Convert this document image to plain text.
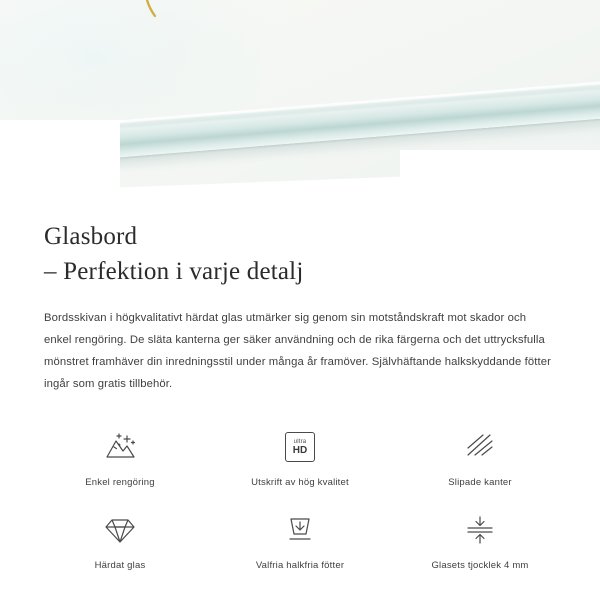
Glasbord
– Perfektion i varje detalj

Bordsskivan i högkvalitativt härdat glas utmärker sig genom sin motståndskraft mot skador och enkel rengöring. De släta kanterna ger säker användning och de rika färgerna och det uttrycksfulla mönstret framhäver din inredningsstil under många år framöver. Självhäftande halkskyddande fötter ingår som gratis tillbehör.

Enkel rengöring
ultra
HD
Utskrift av hög kvalitet	Slipade kanter
Härdat glas	Valfria halkfria fötter	Glasets tjocklek 4 mm
